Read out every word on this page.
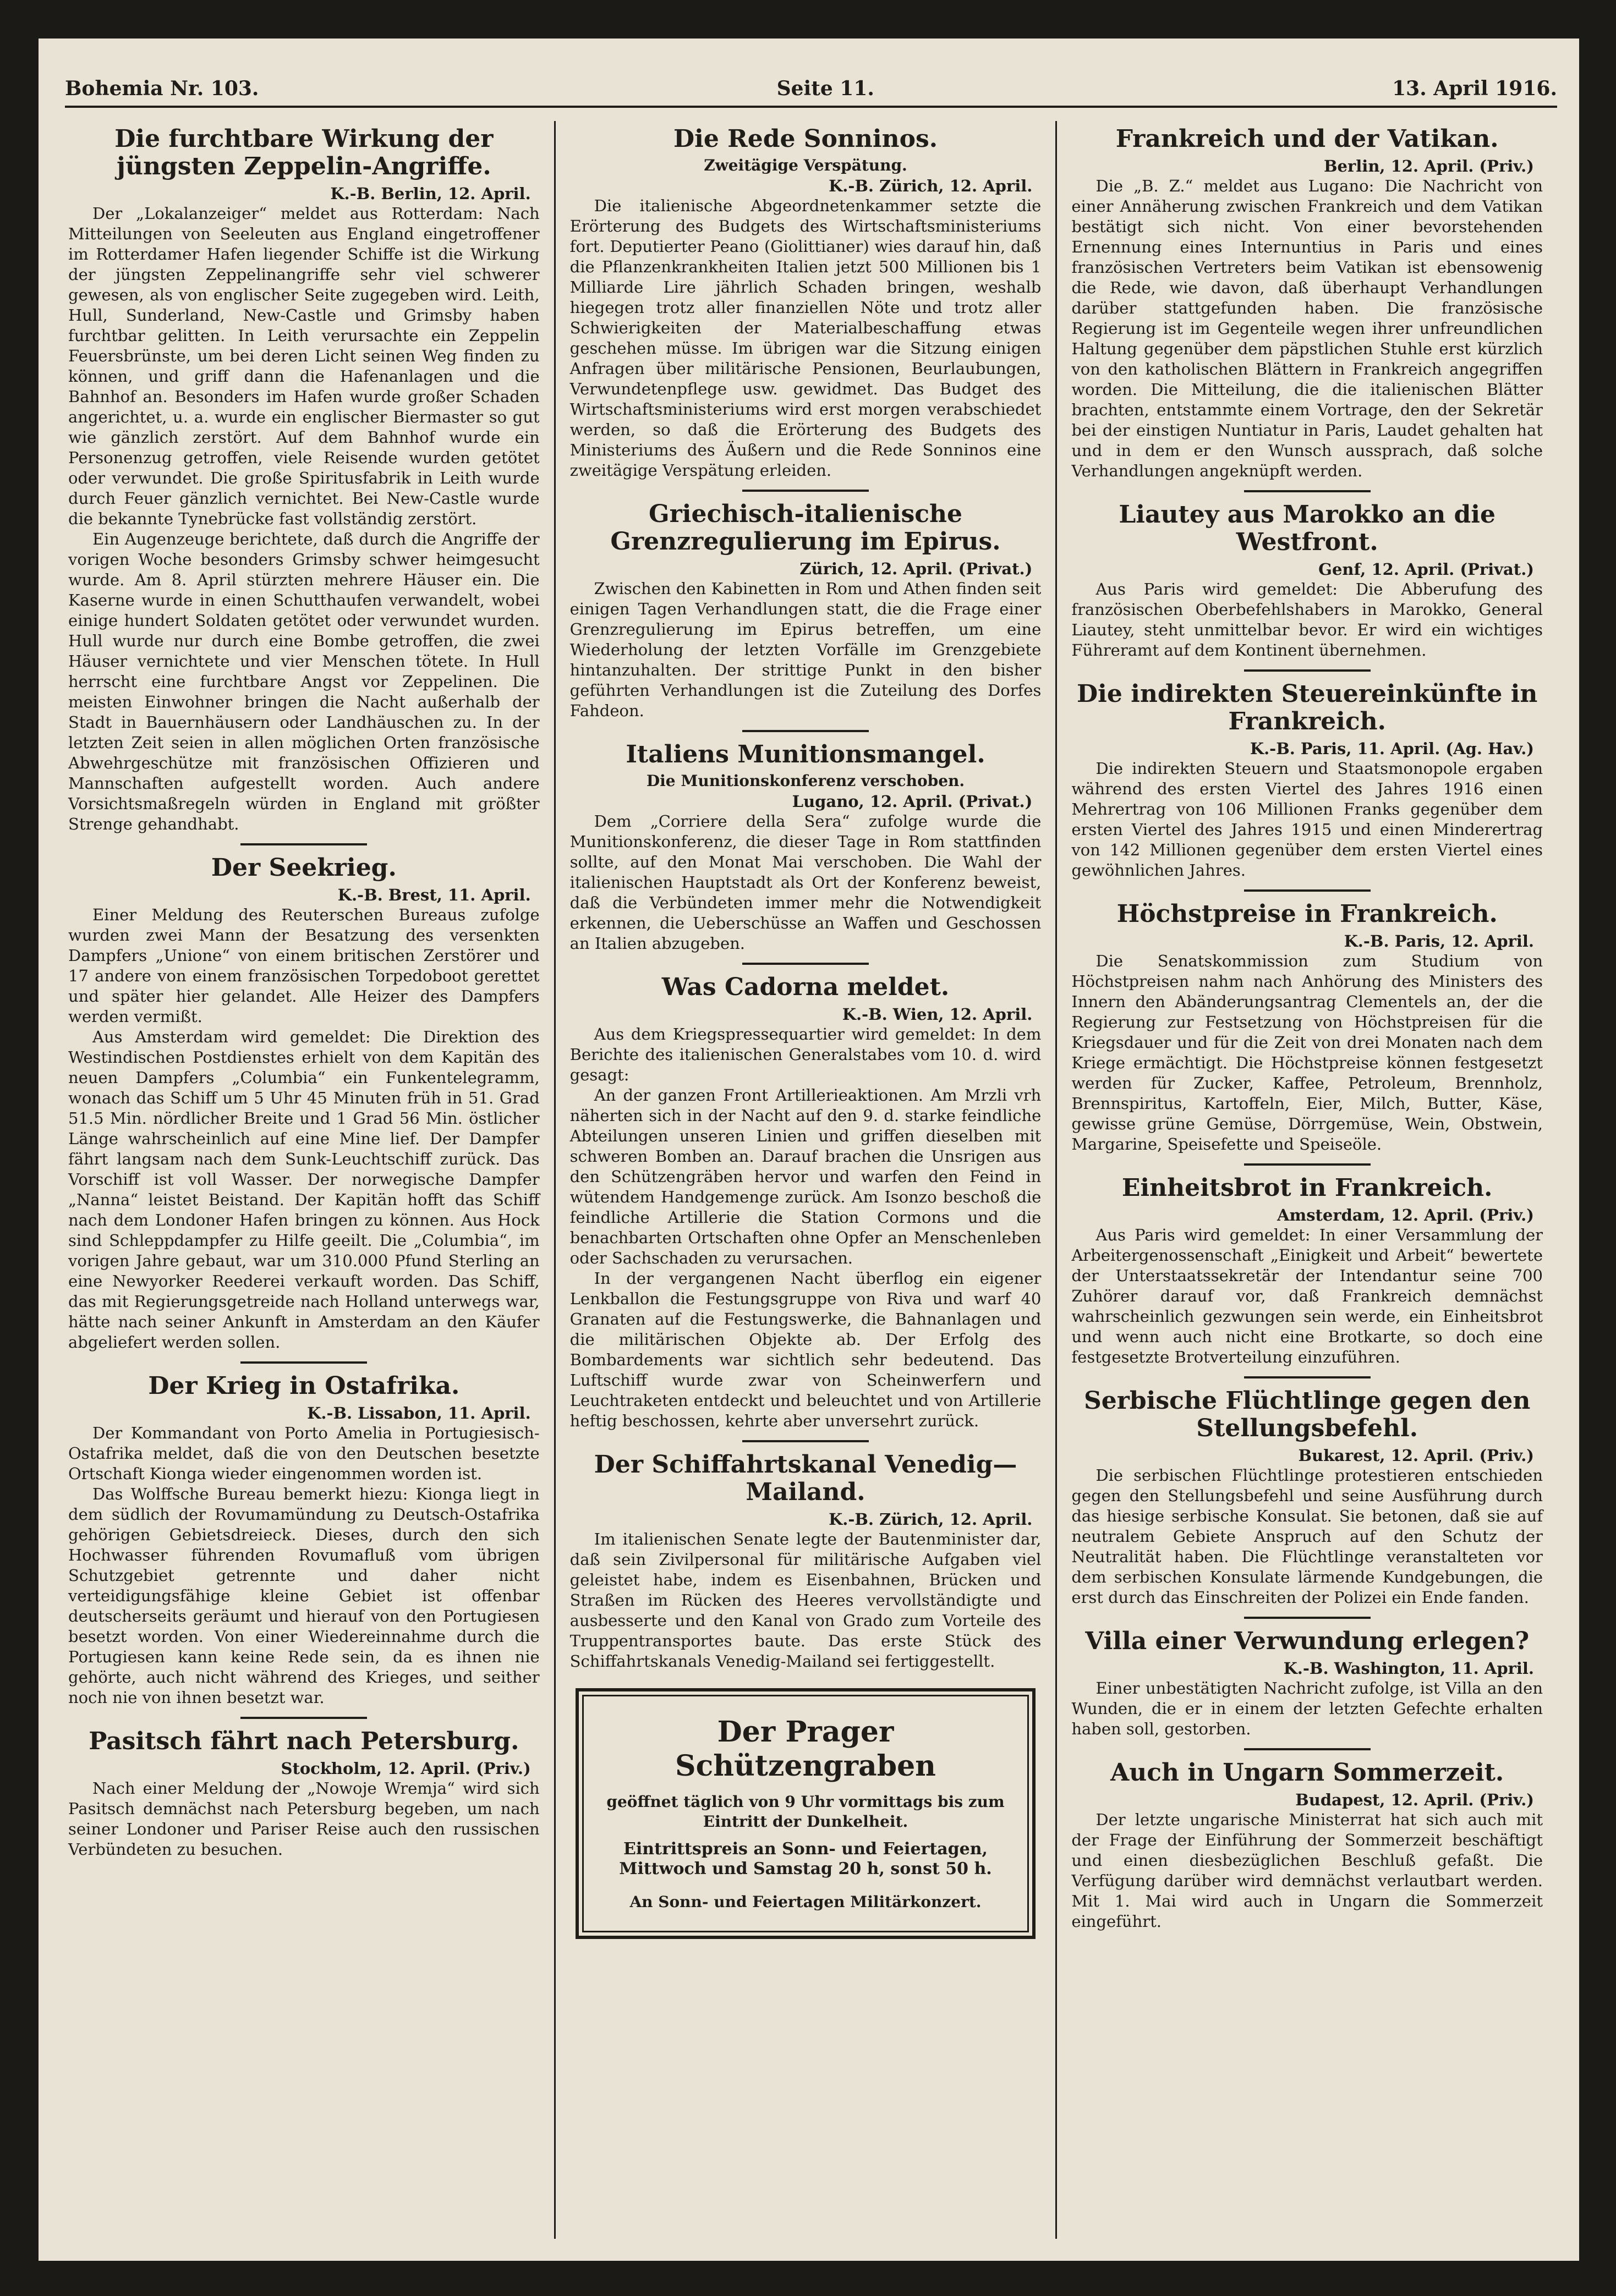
Bohemia Nr. 103.	Seite 11.	13. April 1916.
Die furchtbare Wirkung der jüngsten Zeppelin-Angriffe.
K.-B. Berlin, 12. April.

Der „Lokalanzeiger“ meldet aus Rotterdam: Nach Mitteilungen von Seeleuten aus England eingetroffener im Rotterdamer Hafen liegender Schiffe ist die Wirkung der jüngsten Zeppelinangriffe sehr viel schwerer gewesen, als von englischer Seite zugegeben wird. Leith, Hull, Sunderland, New-Castle und Grimsby haben furchtbar gelitten. In Leith verursachte ein Zeppelin Feuersbrünste, um bei deren Licht seinen Weg finden zu können, und griff dann die Hafenanlagen und die Bahnhof an. Besonders im Hafen wurde großer Schaden angerichtet, u. a. wurde ein englischer Biermaster so gut wie gänzlich zerstört. Auf dem Bahnhof wurde ein Personenzug getroffen, viele Reisende wurden getötet oder verwundet. Die große Spiritusfabrik in Leith wurde durch Feuer gänzlich vernichtet. Bei New-Castle wurde die bekannte Tynebrücke fast vollständig zerstört.

Ein Augenzeuge berichtete, daß durch die Angriffe der vorigen Woche besonders Grimsby schwer heimgesucht wurde. Am 8. April stürzten mehrere Häuser ein. Die Kaserne wurde in einen Schutthaufen verwandelt, wobei einige hundert Soldaten getötet oder verwundet wurden. Hull wurde nur durch eine Bombe getroffen, die zwei Häuser vernichtete und vier Menschen tötete. In Hull herrscht eine furchtbare Angst vor Zeppelinen. Die meisten Einwohner bringen die Nacht außerhalb der Stadt in Bauernhäusern oder Landhäuschen zu. In der letzten Zeit seien in allen möglichen Orten französische Abwehrgeschütze mit französischen Offizieren und Mannschaften aufgestellt worden. Auch andere Vorsichtsmaßregeln würden in England mit größter Strenge gehandhabt.

Der Seekrieg.
K.-B. Brest, 11. April.

Einer Meldung des Reuterschen Bureaus zufolge wurden zwei Mann der Besatzung des versenkten Dampfers „Unione“ von einem britischen Zerstörer und 17 andere von einem französischen Torpedoboot gerettet und später hier gelandet. Alle Heizer des Dampfers werden vermißt.

Aus Amsterdam wird gemeldet: Die Direktion des Westindischen Postdienstes erhielt von dem Kapitän des neuen Dampfers „Columbia“ ein Funkentelegramm, wonach das Schiff um 5 Uhr 45 Minuten früh in 51. Grad 51.5 Min. nördlicher Breite und 1 Grad 56 Min. östlicher Länge wahrscheinlich auf eine Mine lief. Der Dampfer fährt langsam nach dem Sunk-Leuchtschiff zurück. Das Vorschiff ist voll Wasser. Der norwegische Dampfer „Nanna“ leistet Beistand. Der Kapitän hofft das Schiff nach dem Londoner Hafen bringen zu können. Aus Hock sind Schleppdampfer zu Hilfe geeilt. Die „Columbia“, im vorigen Jahre gebaut, war um 310.000 Pfund Sterling an eine Newyorker Reederei verkauft worden. Das Schiff, das mit Regierungsgetreide nach Holland unterwegs war, hätte nach seiner Ankunft in Amsterdam an den Käufer abgeliefert werden sollen.

Der Krieg in Ostafrika.
K.-B. Lissabon, 11. April.

Der Kommandant von Porto Amelia in Portugiesisch-Ostafrika meldet, daß die von den Deutschen besetzte Ortschaft Kionga wieder eingenommen worden ist.

Das Wolffsche Bureau bemerkt hiezu: Kionga liegt in dem südlich der Rovumamündung zu Deutsch-Ostafrika gehörigen Gebietsdreieck. Dieses, durch den sich Hochwasser führenden Rovumafluß vom übrigen Schutzgebiet getrennte und daher nicht verteidigungsfähige kleine Gebiet ist offenbar deutscherseits geräumt und hierauf von den Portugiesen besetzt worden. Von einer Wiedereinnahme durch die Portugiesen kann keine Rede sein, da es ihnen nie gehörte, auch nicht während des Krieges, und seither noch nie von ihnen besetzt war.

Pasitsch fährt nach Petersburg.
Stockholm, 12. April. (Priv.)

Nach einer Meldung der „Nowoje Wremja“ wird sich Pasitsch demnächst nach Petersburg begeben, um nach seiner Londoner und Pariser Reise auch den russischen Verbündeten zu besuchen.

Die Rede Sonninos.
Zweitägige Verspätung.
K.-B. Zürich, 12. April.

Die italienische Abgeordnetenkammer setzte die Erörterung des Budgets des Wirtschaftsministeriums fort. Deputierter Peano (Giolittianer) wies darauf hin, daß die Pflanzenkrankheiten Italien jetzt 500 Millionen bis 1 Milliarde Lire jährlich Schaden bringen, weshalb hiegegen trotz aller finanziellen Nöte und trotz aller Schwierigkeiten der Materialbeschaffung etwas geschehen müsse. Im übrigen war die Sitzung einigen Anfragen über militärische Pensionen, Beurlaubungen, Verwundetenpflege usw. gewidmet. Das Budget des Wirtschaftsministeriums wird erst morgen verabschiedet werden, so daß die Erörterung des Budgets des Ministeriums des Äußern und die Rede Sonninos eine zweitägige Verspätung erleiden.

Griechisch-italienische Grenzregulierung im Epirus.
Zürich, 12. April. (Privat.)

Zwischen den Kabinetten in Rom und Athen finden seit einigen Tagen Verhandlungen statt, die die Frage einer Grenzregulierung im Epirus betreffen, um eine Wiederholung der letzten Vorfälle im Grenzgebiete hintanzuhalten. Der strittige Punkt in den bisher geführten Verhandlungen ist die Zuteilung des Dorfes Fahdeon.

Italiens Munitionsmangel.
Die Munitionskonferenz verschoben.
Lugano, 12. April. (Privat.)

Dem „Corriere della Sera“ zufolge wurde die Munitionskonferenz, die dieser Tage in Rom stattfinden sollte, auf den Monat Mai verschoben. Die Wahl der italienischen Hauptstadt als Ort der Konferenz beweist, daß die Verbündeten immer mehr die Notwendigkeit erkennen, die Ueberschüsse an Waffen und Geschossen an Italien abzugeben.

Was Cadorna meldet.
K.-B. Wien, 12. April.

Aus dem Kriegspressequartier wird gemeldet: In dem Berichte des italienischen Generalstabes vom 10. d. wird gesagt:

An der ganzen Front Artillerieaktionen. Am Mrzli vrh näherten sich in der Nacht auf den 9. d. starke feindliche Abteilungen unseren Linien und griffen dieselben mit schweren Bomben an. Darauf brachen die Unsrigen aus den Schützengräben hervor und warfen den Feind in wütendem Handgemenge zurück. Am Isonzo beschoß die feindliche Artillerie die Station Cormons und die benachbarten Ortschaften ohne Opfer an Menschenleben oder Sachschaden zu verursachen.

In der vergangenen Nacht überflog ein eigener Lenkballon die Festungsgruppe von Riva und warf 40 Granaten auf die Festungswerke, die Bahnanlagen und die militärischen Objekte ab. Der Erfolg des Bombardements war sichtlich sehr bedeutend. Das Luftschiff wurde zwar von Scheinwerfern und Leuchtraketen entdeckt und beleuchtet und von Artillerie heftig beschossen, kehrte aber unversehrt zurück.

Der Schiffahrtskanal Venedig—Mailand.
K.-B. Zürich, 12. April.

Im italienischen Senate legte der Bautenminister dar, daß sein Zivilpersonal für militärische Aufgaben viel geleistet habe, indem es Eisenbahnen, Brücken und Straßen im Rücken des Heeres vervollständigte und ausbesserte und den Kanal von Grado zum Vorteile des Truppentransportes baute. Das erste Stück des Schiffahrtskanals Venedig-Mailand sei fertiggestellt.

Der Prager Schützengraben
geöffnet täglich von 9 Uhr vormittags bis zum Eintritt der Dunkelheit.
Eintrittspreis an Sonn- und Feiertagen, Mittwoch und Samstag 20 h, sonst 50 h.
An Sonn- und Feiertagen Militärkonzert.
Frankreich und der Vatikan.
Berlin, 12. April. (Priv.)

Die „B. Z.“ meldet aus Lugano: Die Nachricht von einer Annäherung zwischen Frankreich und dem Vatikan bestätigt sich nicht. Von einer bevorstehenden Ernennung eines Internuntius in Paris und eines französischen Vertreters beim Vatikan ist ebensowenig die Rede, wie davon, daß überhaupt Verhandlungen darüber stattgefunden haben. Die französische Regierung ist im Gegenteile wegen ihrer unfreundlichen Haltung gegenüber dem päpstlichen Stuhle erst kürzlich von den katholischen Blättern in Frankreich angegriffen worden. Die Mitteilung, die die italienischen Blätter brachten, entstammte einem Vortrage, den der Sekretär bei der einstigen Nuntiatur in Paris, Laudet gehalten hat und in dem er den Wunsch aussprach, daß solche Verhandlungen angeknüpft werden.

Liautey aus Marokko an die Westfront.
Genf, 12. April. (Privat.)

Aus Paris wird gemeldet: Die Abberufung des französischen Oberbefehlshabers in Marokko, General Liautey, steht unmittelbar bevor. Er wird ein wichtiges Führeramt auf dem Kontinent übernehmen.

Die indirekten Steuereinkünfte in Frankreich.
K.-B. Paris, 11. April. (Ag. Hav.)

Die indirekten Steuern und Staatsmonopole ergaben während des ersten Viertel des Jahres 1916 einen Mehrertrag von 106 Millionen Franks gegenüber dem ersten Viertel des Jahres 1915 und einen Minderertrag von 142 Millionen gegenüber dem ersten Viertel eines gewöhnlichen Jahres.

Höchstpreise in Frankreich.
K.-B. Paris, 12. April.

Die Senatskommission zum Studium von Höchstpreisen nahm nach Anhörung des Ministers des Innern den Abänderungsantrag Clementels an, der die Regierung zur Festsetzung von Höchstpreisen für die Kriegsdauer und für die Zeit von drei Monaten nach dem Kriege ermächtigt. Die Höchstpreise können festgesetzt werden für Zucker, Kaffee, Petroleum, Brennholz, Brennspiritus, Kartoffeln, Eier, Milch, Butter, Käse, gewisse grüne Gemüse, Dörrgemüse, Wein, Obstwein, Margarine, Speisefette und Speiseöle.

Einheitsbrot in Frankreich.
Amsterdam, 12. April. (Priv.)

Aus Paris wird gemeldet: In einer Versammlung der Arbeitergenossenschaft „Einigkeit und Arbeit“ bewertete der Unterstaatssekretär der Intendantur seine 700 Zuhörer darauf vor, daß Frankreich demnächst wahrscheinlich gezwungen sein werde, ein Einheitsbrot und wenn auch nicht eine Brotkarte, so doch eine festgesetzte Brotverteilung einzuführen.

Serbische Flüchtlinge gegen den Stellungsbefehl.
Bukarest, 12. April. (Priv.)

Die serbischen Flüchtlinge protestieren entschieden gegen den Stellungsbefehl und seine Ausführung durch das hiesige serbische Konsulat. Sie betonen, daß sie auf neutralem Gebiete Anspruch auf den Schutz der Neutralität haben. Die Flüchtlinge veranstalteten vor dem serbischen Konsulate lärmende Kundgebungen, die erst durch das Einschreiten der Polizei ein Ende fanden.

Villa einer Verwundung erlegen?
K.-B. Washington, 11. April.

Einer unbestätigten Nachricht zufolge, ist Villa an den Wunden, die er in einem der letzten Gefechte erhalten haben soll, gestorben.

Auch in Ungarn Sommerzeit.
Budapest, 12. April. (Priv.)

Der letzte ungarische Ministerrat hat sich auch mit der Frage der Einführung der Sommerzeit beschäftigt und einen diesbezüglichen Beschluß gefaßt. Die Verfügung darüber wird demnächst verlautbart werden. Mit 1. Mai wird auch in Ungarn die Sommerzeit eingeführt.
